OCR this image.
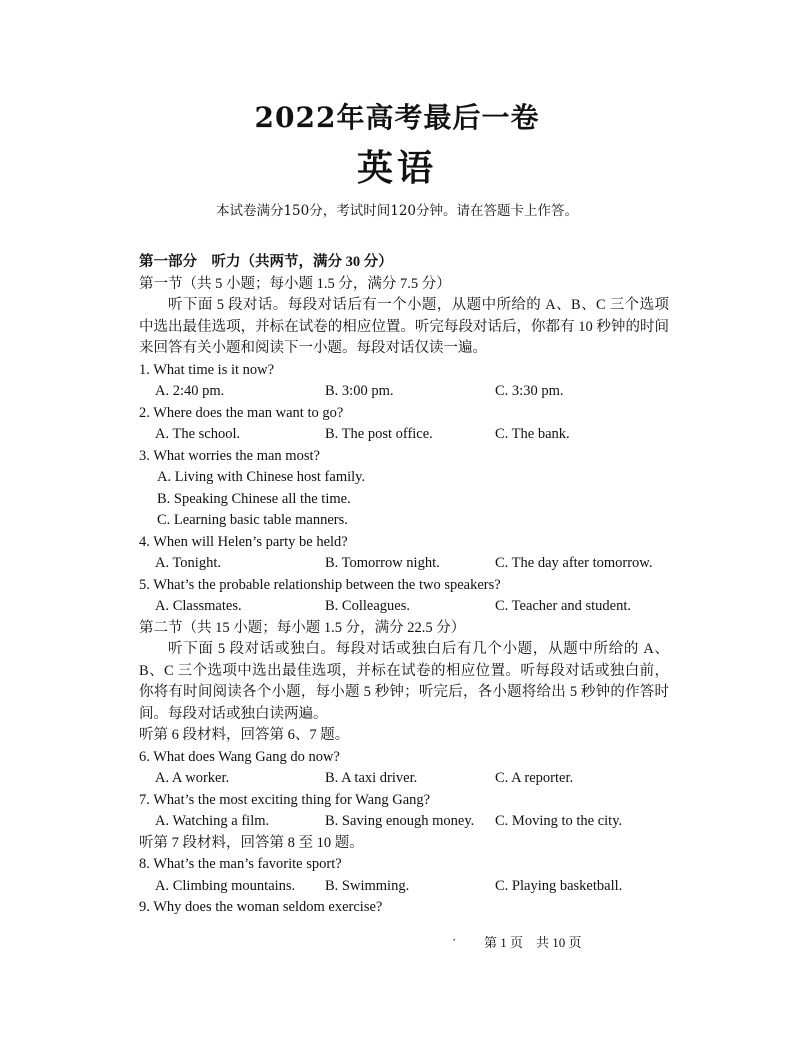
2022年高考最后一卷
英语
本试卷满分150分，考试时间120分钟。请在答题卡上作答。
第一部分　听力（共两节，满分 30 分）
第一节（共 5 小题；每小题 1.5 分，满分 7.5 分）
听下面 5 段对话。每段对话后有一个小题，从题中所给的 A、B、C 三个选项中选出最佳选项，并标在试卷的相应位置。听完每段对话后，你都有 10 秒钟的时间来回答有关小题和阅读下一小题。每段对话仅读一遍。
1. What time is it now?
A. 2:40 pm.	B. 3:00 pm.	C. 3:30 pm.
2. Where does the man want to go?
A. The school.	B. The post office.	C. The bank.
3. What worries the man most?
A. Living with Chinese host family.
B. Speaking Chinese all the time.
C. Learning basic table manners.
4. When will Helen’s party be held?
A. Tonight.	B. Tomorrow night.	C. The day after tomorrow.
5. What’s the probable relationship between the two speakers?
A. Classmates.	B. Colleagues.	C. Teacher and student.
第二节（共 15 小题；每小题 1.5 分，满分 22.5 分）
听下面 5 段对话或独白。每段对话或独白后有几个小题，从题中所给的 A、B、C 三个选项中选出最佳选项，并标在试卷的相应位置。听每段对话或独白前，你将有时间阅读各个小题，每小题 5 秒钟；听完后，各小题将给出 5 秒钟的作答时间。每段对话或独白读两遍。
听第 6 段材料，回答第 6、7 题。
6. What does Wang Gang do now?
A. A worker.	B. A taxi driver.	C. A reporter.
7. What’s the most exciting thing for Wang Gang?
A. Watching a film.	B. Saving enough money.	C. Moving to the city.
听第 7 段材料，回答第 8 至 10 题。
8. What’s the man’s favorite sport?
A. Climbing mountains.	B. Swimming.	C. Playing basketball.
9. Why does the woman seldom exercise?
· 第 1 页　共 10 页
